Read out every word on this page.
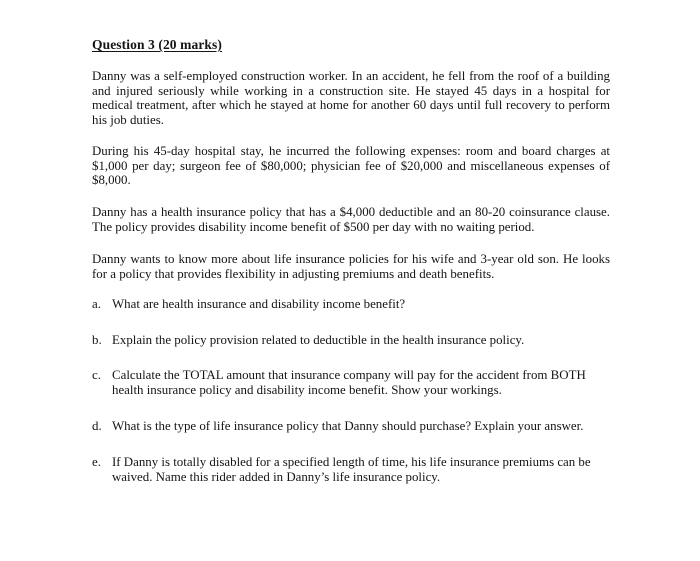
Question 3 (20 marks)

Danny was a self-employed construction worker. In an accident, he fell from the roof of a building and injured seriously while working in a construction site. He stayed 45 days in a hospital for medical treatment, after which he stayed at home for another 60 days until full recovery to perform his job duties.

During his 45-day hospital stay, he incurred the following expenses: room and board charges at $1,000 per day; surgeon fee of $80,000; physician fee of $20,000 and miscellaneous expenses of $8,000.

Danny has a health insurance policy that has a $4,000 deductible and an 80-20 coinsurance clause. The policy provides disability income benefit of $500 per day with no waiting period.

Danny wants to know more about life insurance policies for his wife and 3-year old son. He looks for a policy that provides flexibility in adjusting premiums and death benefits.

a. What are health insurance and disability income benefit?
b. Explain the policy provision related to deductible in the health insurance policy.
c. Calculate the TOTAL amount that insurance company will pay for the accident from BOTH health insurance policy and disability income benefit. Show your workings.
d. What is the type of life insurance policy that Danny should purchase? Explain your answer.
e. If Danny is totally disabled for a specified length of time, his life insurance premiums can be waived. Name this rider added in Danny’s life insurance policy.
